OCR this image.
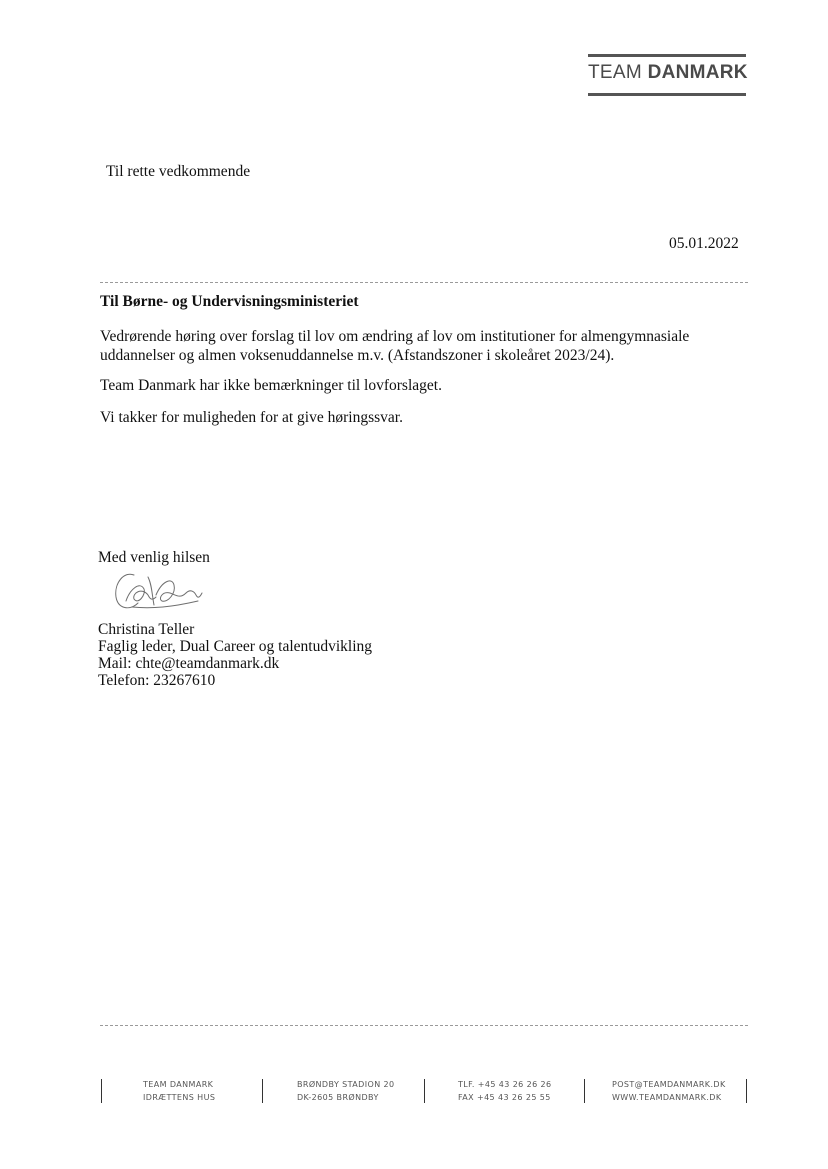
TEAM DANMARK
Til rette vedkommende
05.01.2022
Til Børne- og Undervisningsministeriet
Vedrørende høring over forslag til lov om ændring af lov om institutioner for almengymnasiale
uddannelser og almen voksenuddannelse m.v. (Afstandszoner i skoleåret 2023/24).
Team Danmark har ikke bemærkninger til lovforslaget.
Vi takker for muligheden for at give høringssvar.
Med venlig hilsen
Christina Teller
Faglig leder, Dual Career og talentudvikling
Mail: chte@teamdanmark.dk
Telefon: 23267610
TEAM DANMARK
IDRÆTTENS HUS
BRØNDBY STADION 20
DK-2605 BRØNDBY
TLF. +45 43 26 26 26
FAX +45 43 26 25 55
POST@TEAMDANMARK.DK
WWW.TEAMDANMARK.DK
